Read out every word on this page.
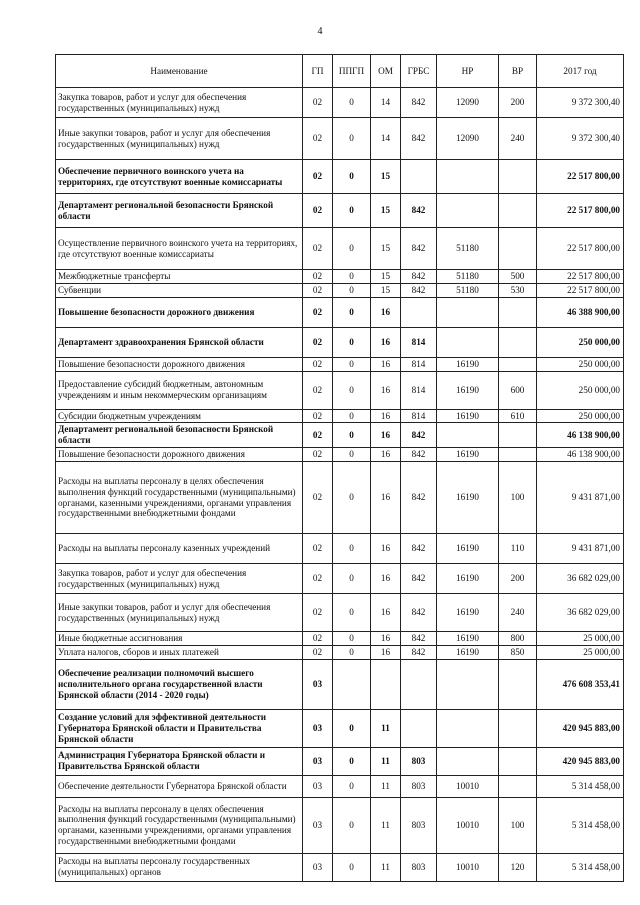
4
Наименование	ГП	ППГП	ОМ	ГРБС	НР	ВР	2017 год
Закупка товаров, работ и услуг для обеспечения государственных (муниципальных) нужд	02	0	14	842	12090	200	9 372 300,40
Иные закупки товаров, работ и услуг для обеспечения государственных (муниципальных) нужд	02	0	14	842	12090	240	9 372 300,40
Обеспечение первичного воинского учета на территориях, где отсутствуют военные комиссариаты	02	0	15				22 517 800,00
Департамент региональной безопасности Брянской области	02	0	15	842			22 517 800,00
Осуществление первичного воинского учета на территориях, где отсутствуют военные комиссариаты	02	0	15	842	51180		22 517 800,00
Межбюджетные трансферты	02	0	15	842	51180	500	22 517 800,00
Субвенции	02	0	15	842	51180	530	22 517 800,00
Повышение безопасности дорожного движения	02	0	16				46 388 900,00
Департамент здравоохранения Брянской области	02	0	16	814			250 000,00
Повышение безопасности дорожного движения	02	0	16	814	16190		250 000,00
Предоставление субсидий бюджетным, автономным учреждениям и иным некоммерческим организациям	02	0	16	814	16190	600	250 000,00
Субсидии бюджетным учреждениям	02	0	16	814	16190	610	250 000,00
Департамент региональной безопасности Брянской области	02	0	16	842			46 138 900,00
Повышение безопасности дорожного движения	02	0	16	842	16190		46 138 900,00
Расходы на выплаты персоналу в целях обеспечения выполнения функций государственными (муниципальными) органами, казенными учреждениями, органами управления государственными внебюджетными фондами	02	0	16	842	16190	100	9 431 871,00
Расходы на выплаты персоналу казенных учреждений	02	0	16	842	16190	110	9 431 871,00
Закупка товаров, работ и услуг для обеспечения государственных (муниципальных) нужд	02	0	16	842	16190	200	36 682 029,00
Иные закупки товаров, работ и услуг для обеспечения государственных (муниципальных) нужд	02	0	16	842	16190	240	36 682 029,00
Иные бюджетные ассигнования	02	0	16	842	16190	800	25 000,00
Уплата налогов, сборов и иных платежей	02	0	16	842	16190	850	25 000,00
Обеспечение реализации полномочий высшего исполнительного органа государственной власти Брянской области (2014 - 2020 годы)	03						476 608 353,41
Создание условий для эффективной деятельности Губернатора Брянской области и Правительства Брянской области	03	0	11				420 945 883,00
Администрация Губернатора Брянской области и Правительства Брянской области	03	0	11	803			420 945 883,00
Обеспечение деятельности Губернатора Брянской области	03	0	11	803	10010		5 314 458,00
Расходы на выплаты персоналу в целях обеспечения выполнения функций государственными (муниципальными) органами, казенными учреждениями, органами управления государственными внебюджетными фондами	03	0	11	803	10010	100	5 314 458,00
Расходы на выплаты персоналу государственных (муниципальных) органов	03	0	11	803	10010	120	5 314 458,00
